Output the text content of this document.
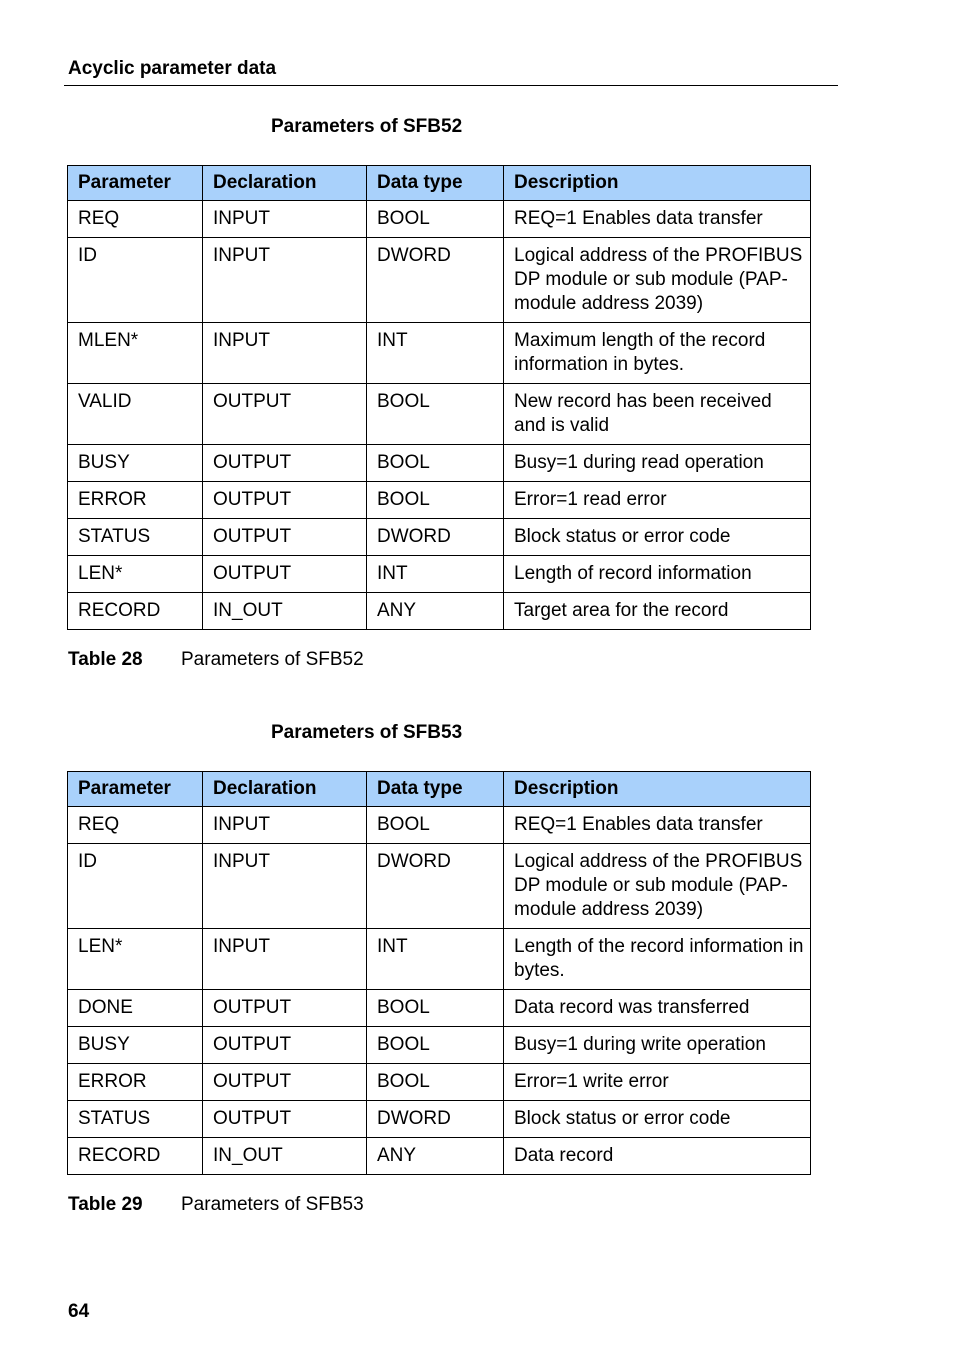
Acyclic parameter data
Parameters of SFB52
Parameter	Declaration	Data type	Description
REQ	INPUT	BOOL	REQ=1 Enables data transfer
ID	INPUT	DWORD	Logical address of the PROFIBUS DP module or sub module (PAP-module address 2039)
MLEN*	INPUT	INT	Maximum length of the record information in bytes.
VALID	OUTPUT	BOOL	New record has been received and is valid
BUSY	OUTPUT	BOOL	Busy=1 during read operation
ERROR	OUTPUT	BOOL	Error=1 read error
STATUS	OUTPUT	DWORD	Block status or error code
LEN*	OUTPUT	INT	Length of record information
RECORD	IN_OUT	ANY	Target area for the record
Table 28 Parameters of SFB52
Parameters of SFB53
Parameter	Declaration	Data type	Description
REQ	INPUT	BOOL	REQ=1 Enables data transfer
ID	INPUT	DWORD	Logical address of the PROFIBUS DP module or sub module (PAP-module address 2039)
LEN*	INPUT	INT	Length of the record information in bytes.
DONE	OUTPUT	BOOL	Data record was transferred
BUSY	OUTPUT	BOOL	Busy=1 during write operation
ERROR	OUTPUT	BOOL	Error=1 write error
STATUS	OUTPUT	DWORD	Block status or error code
RECORD	IN_OUT	ANY	Data record
Table 29 Parameters of SFB53
64
